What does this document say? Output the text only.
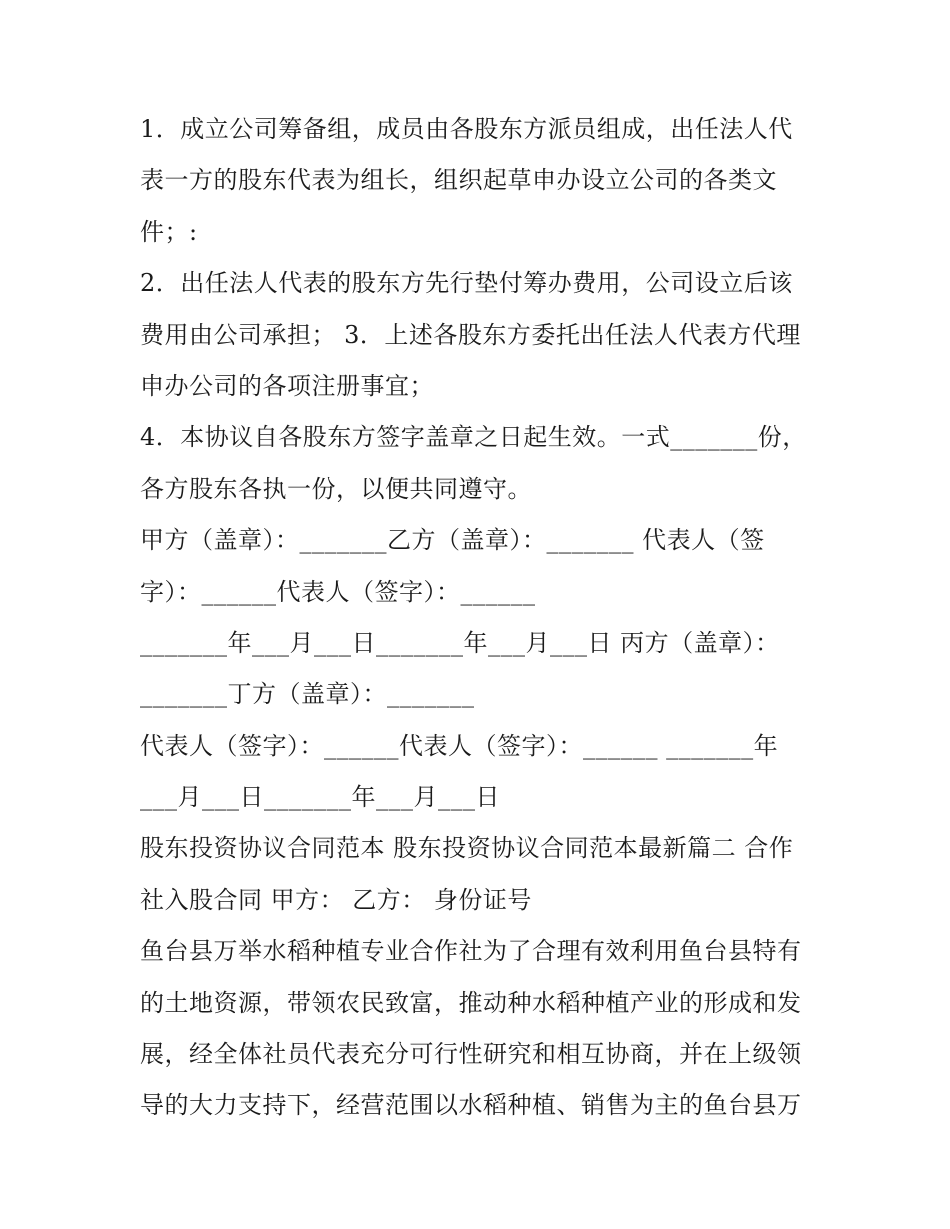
1．成立公司筹备组，成员由各股东方派员组成，出任法人代
表一方的股东代表为组长，组织起草申办设立公司的各类文
件；:
2．出任法人代表的股东方先行垫付筹办费用，公司设立后该
费用由公司承担； 3．上述各股东方委托出任法人代表方代理
申办公司的各项注册事宜；
4．本协议自各股东方签字盖章之日起生效。一式_______份，
各方股东各执一份，以便共同遵守。
甲方（盖章）：_______乙方（盖章）：_______ 代表人（签
字）：______代表人（签字）：______
_______年___月___日_______年___月___日 丙方（盖章）：
_______丁方（盖章）：_______
代表人（签字）：______代表人（签字）：______ _______年
___月___日_______年___月___日
股东投资协议合同范本 股东投资协议合同范本最新篇二 合作
社入股合同 甲方： 乙方： 身份证号
鱼台县万举水稻种植专业合作社为了合理有效利用鱼台县特有
的土地资源，带领农民致富，推动种水稻种植产业的形成和发
展，经全体社员代表充分可行性研究和相互协商，并在上级领
导的大力支持下，经营范围以水稻种植、销售为主的鱼台县万
